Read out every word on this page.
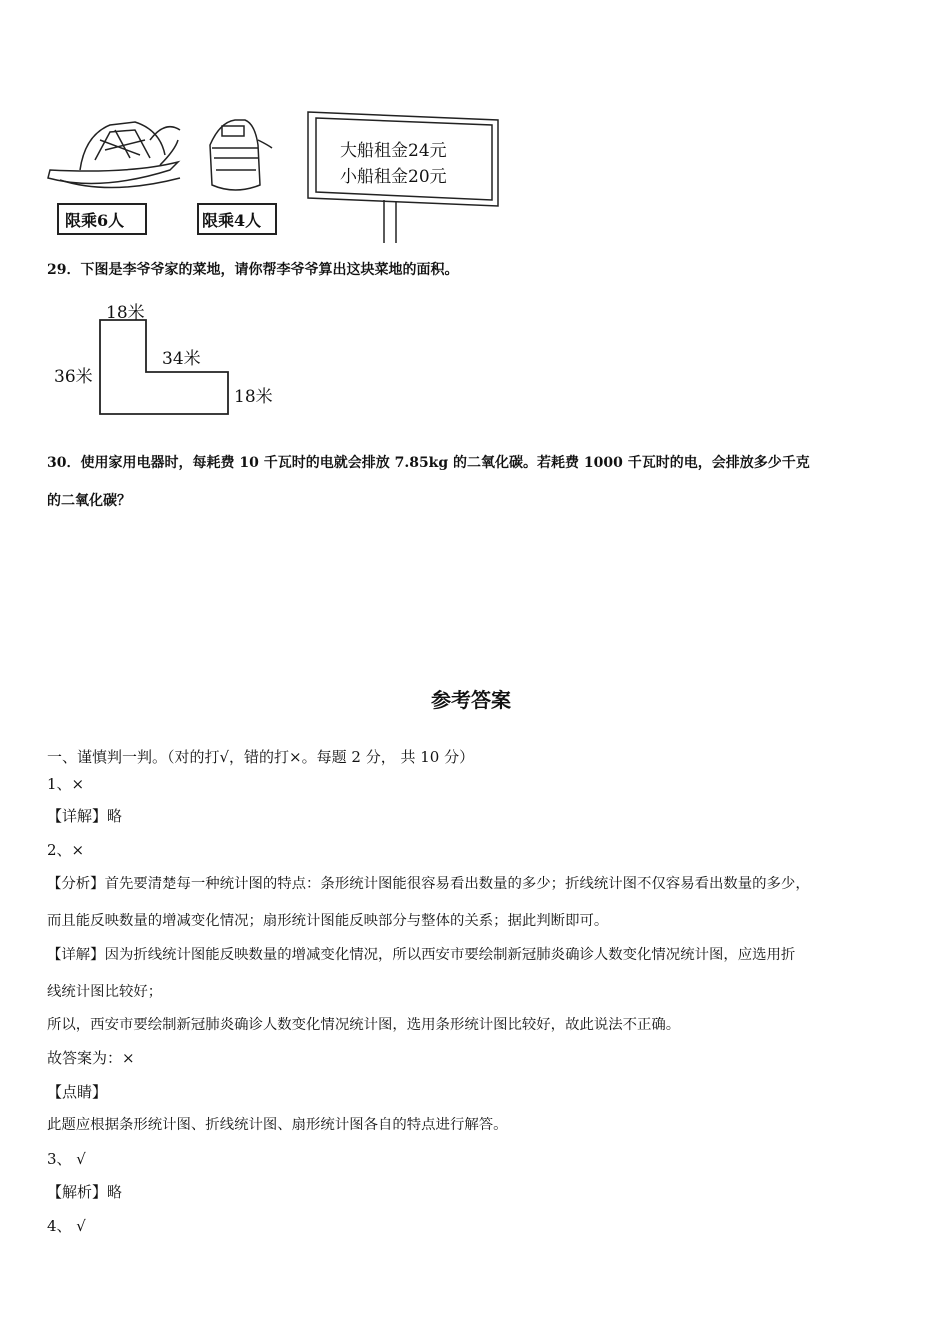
限乘6人	限乘4人
大船租金24元
小船租金20元
29．下图是李爷爷家的菜地，请你帮李爷爷算出这块菜地的面积。
18米
36米
34米
18米
30．使用家用电器时，每耗费 10 千瓦时的电就会排放 7.85kg 的二氧化碳。若耗费 1000 千瓦时的电，会排放多少千克
的二氧化碳？
参考答案
一、谨慎判一判。（对的打√，错的打×。每题 2 分， 共 10 分）
1、×
【详解】略
2、×
【分析】首先要清楚每一种统计图的特点：条形统计图能很容易看出数量的多少；折线统计图不仅容易看出数量的多少，
而且能反映数量的增减变化情况；扇形统计图能反映部分与整体的关系；据此判断即可。
【详解】因为折线统计图能反映数量的增减变化情况，所以西安市要绘制新冠肺炎确诊人数变化情况统计图，应选用折
线统计图比较好；
所以，西安市要绘制新冠肺炎确诊人数变化情况统计图，选用条形统计图比较好，故此说法不正确。
故答案为：×
【点睛】
此题应根据条形统计图、折线统计图、扇形统计图各自的特点进行解答。
3、 √
【解析】略
4、 √
